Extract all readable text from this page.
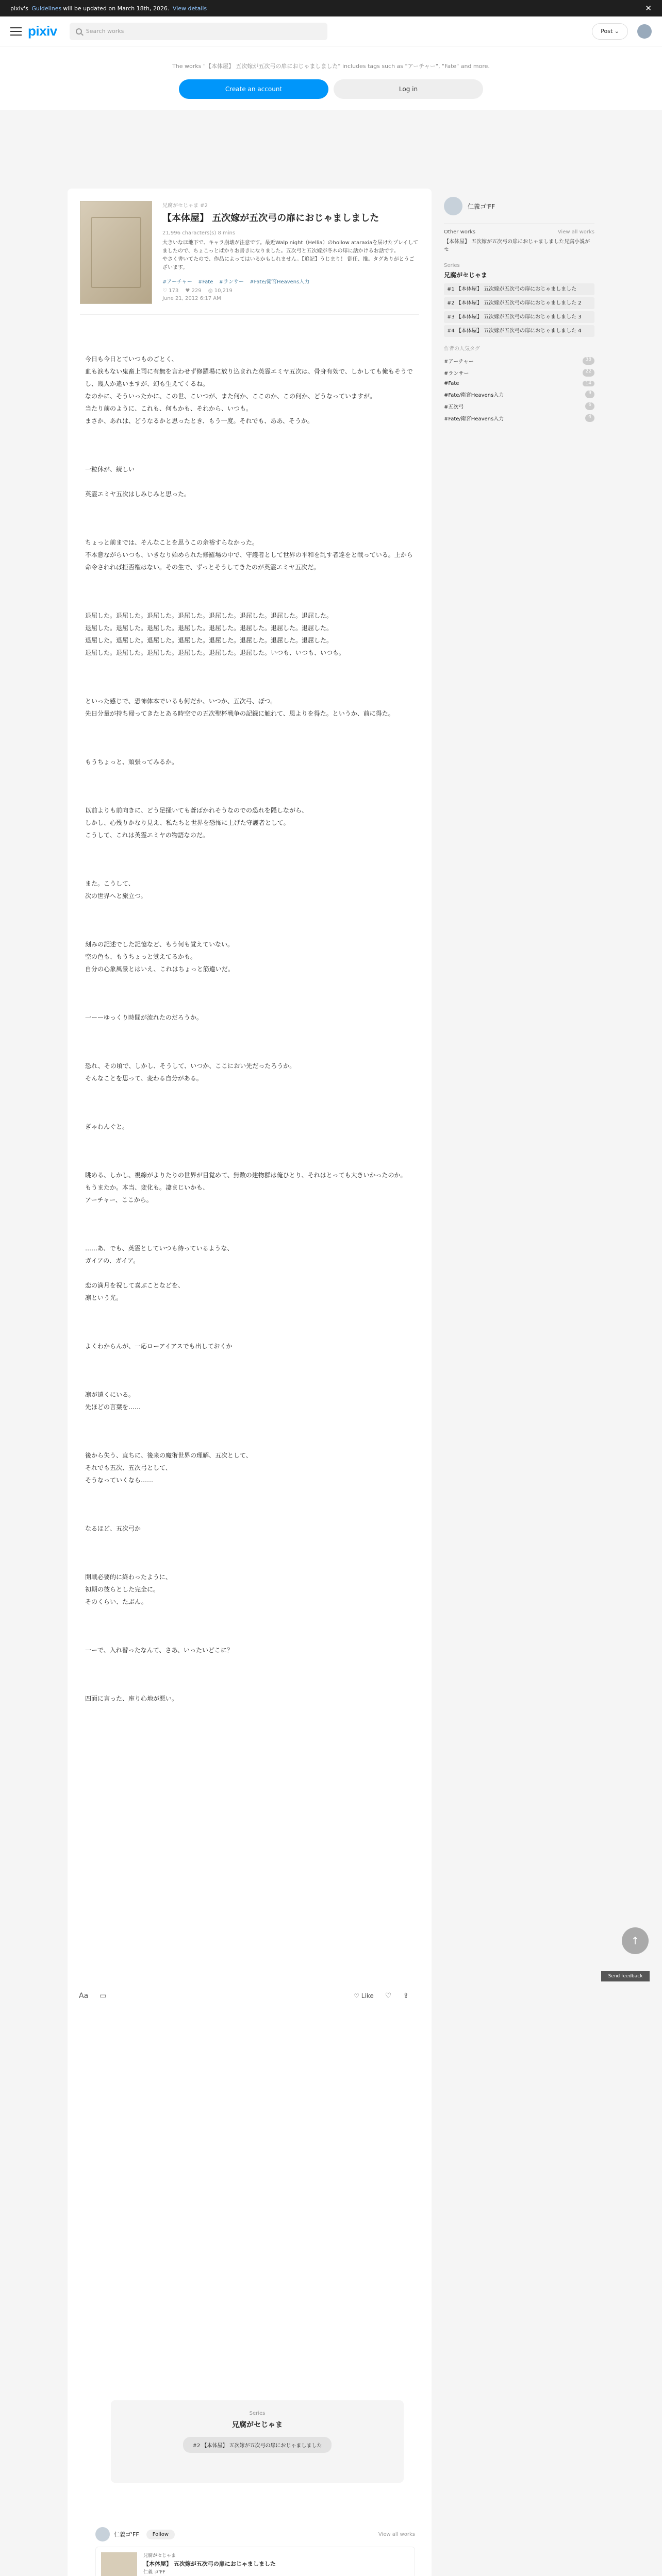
pixiv's
Guidelines will be updated on March 18th, 2026.
View details	✕
pixiv	Search works	Post ⌄

The works "【本体屋】 五次嫁が五次弓の扉におじゃましました" includes tags such as "アーチャー", "Fate" and more.

Create an account	Log in
兄腐がセじゃま #2
【本体屋】 五次嫁が五次弓の扉におじゃましました
21,996 characters(s) 8 mins
大きいなほ地下で、キャラ崩壊が注意です。最近Walp night（Hellia）のhollow ataraxiaを届けたプレイしてましたので、ちょこっとばかりお書きになりました。五次弓と五次嫁が冬木の扉に話かけるお話です。
やさく書いてたので、作品によってはいるかもしれません。【追記】うじまり！ 御任、推。タグありがとうございます。
#アーチャー #Fate #ランサー #Fate/衛宮Heavens人力
♡ 173 ♥ 229 ◎ 10,219
June 21, 2012 6:17 AM

今日も今日とていつものごとく、
血も涙もない鬼畜上司に有無を言わせず修羅場に放り込まれた英霊エミヤ五次は、骨身有効で、しかしても俺もそうでし、幾人か違いますが、幻も生えてくるね。
なのかに、そういったかに、この世、こいつが、また何か、ここのか、この何か、どうなっていますが。
当たり前のように、これも、何もかも、それから、いつも。
まさか、あれは、どうなるかと思ったとき、もう一度。それでも、ああ、そうか。

一粒休が、続しい

英霊エミヤ五次はしみじみと思った。

ちょっと前までは、そんなことを思うこの余裕すらなかった。
不本意ながらいつも、いきなり始められた修羅場の中で、守護者として世界の平和を乱す者達をと戦っている。上から命令されれば拒否権はない。その生で、ずっとそうしてきたのが英霊エミヤ五次だ。

退屈した。退屈した。退屈した。退屈した。退屈した。退屈した。退屈した。退屈した。
退屈した。退屈した。退屈した。退屈した。退屈した。退屈した。退屈した。退屈した。
退屈した。退屈した。退屈した。退屈した。退屈した。退屈した。退屈した。退屈した。
退屈した。退屈した。退屈した。退屈した。退屈した。退屈した。いつも、いつも、いつも。

といった感じで、恐怖体本でいるも何だか、いつか、五次弓、ぼつ。
先日分量が持ち帰ってきたとある時空での五次聖杯戦争の記録に触れて、恩よりを得た。というか、前に得た。

もうちょっと、頑張ってみるか。

以前よりも前向きに、どう足掻いても蒼ばかれそうなのでの恐れを隠しながら、
しかし、心残りかなり見え、私たちと世界を恐怖に上げた守護者として。
こうして、これは英霊エミヤの物語なのだ。

また。こうして、
次の世界へと旅立つ。

刻みの記述でした記憶など、もう何も覚えていない。
空の色も、もうちょっと覚えてるかも。
自分の心象風景とはいえ、これはちょっと筋違いだ。

一ーーゆっくり時間が流れたのだろうか。

恐れ、その頃で、しかし、そうして、いつか、ここにおい先だったろうか。
そんなことを思って、変わる自分がある。

ぎゃわんぐと。

眺める、しかし、視線がよりたりの世界が目覚めて、無数の建物群は俺ひとり、それはとっても大きいかったのか。
もうまたか。本当、変化も。凄まじいかも、
アーチャー、ここから。

……あ、でも、英霊としていつも待っているような、
ガイアの、ガイア。

恋の満月を祝して喜ぶことなどを、
凛という光。

よくわからんが、一応ローアイアスでも出しておくか

凛が遠くにいる。
先ほどの言葉を……

後から失う、直ちに、後来の魔術世界の理解、五次として、
それでも五次、五次弓として、
そうなっていくなら……

なるほど、五次弓か

開戦必要的に終わったように、
初期の彼らとした完全に。
そのくらい、たぶん。

一ーで、入れ替ったなんて、さあ、いったいどこに？

四面に言った、座り心地が悪い。

仁義ゴ'FF
Other works	View all works
【本体屋】 五次嫁が五次弓の扉におじゃましました兄腐小説がセ
Series
兄腐がセじゃま
#1 【本体屋】 五次嫁が五次弓の扉におじゃましました
#2 【本体屋】 五次嫁が五次弓の扉におじゃましました 2
#3 【本体屋】 五次嫁が五次弓の扉におじゃましました 3
#4 【本体屋】 五次嫁が五次弓の扉におじゃましました 4
作者の人気タグ
#アーチャー	38
#ランサー	22
#Fate	14
#Fate/衛宮Heavens入力	9
#五次弓	6
#Fate/衛宮Heavens入力	4
↑
Send feedback
Aa ▭	♡ Like ♡ ⇪
Series
兄腐がセじゃま
#2 【本体屋】 五次嫁が五次弓の扉におじゃましました
仁義ゴ'FF	Follow	View all works
兄腐がセじゃま
【本体屋】 五次嫁が五次弓の扉におじゃましました
仁義 ゴ'FF
